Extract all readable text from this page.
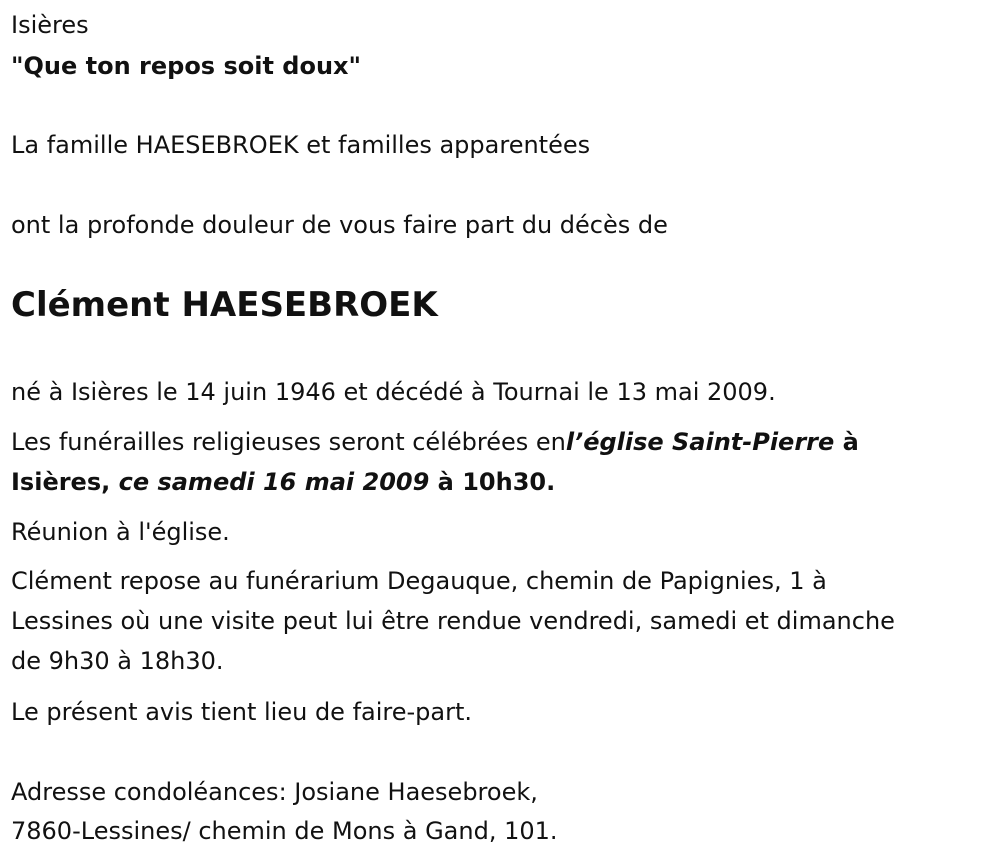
Isières
"Que ton repos soit doux"
La famille HAESEBROEK et familles apparentées
ont la profonde douleur de vous faire part du décès de
Clément HAESEBROEK
né à Isières le 14 juin 1946 et décédé à Tournai le 13 mai 2009.
Les funérailles religieuses seront célébrées enl’église Saint-Pierre à
Isières, ce samedi 16 mai 2009 à 10h30.
Réunion à l'église.
Clément repose au funérarium Degauque, chemin de Papignies, 1 à
Lessines où une visite peut lui être rendue vendredi, samedi et dimanche
de 9h30 à 18h30.
Le présent avis tient lieu de faire-part.
Adresse condoléances: Josiane Haesebroek,
7860-Lessines/ chemin de Mons à Gand, 101.
